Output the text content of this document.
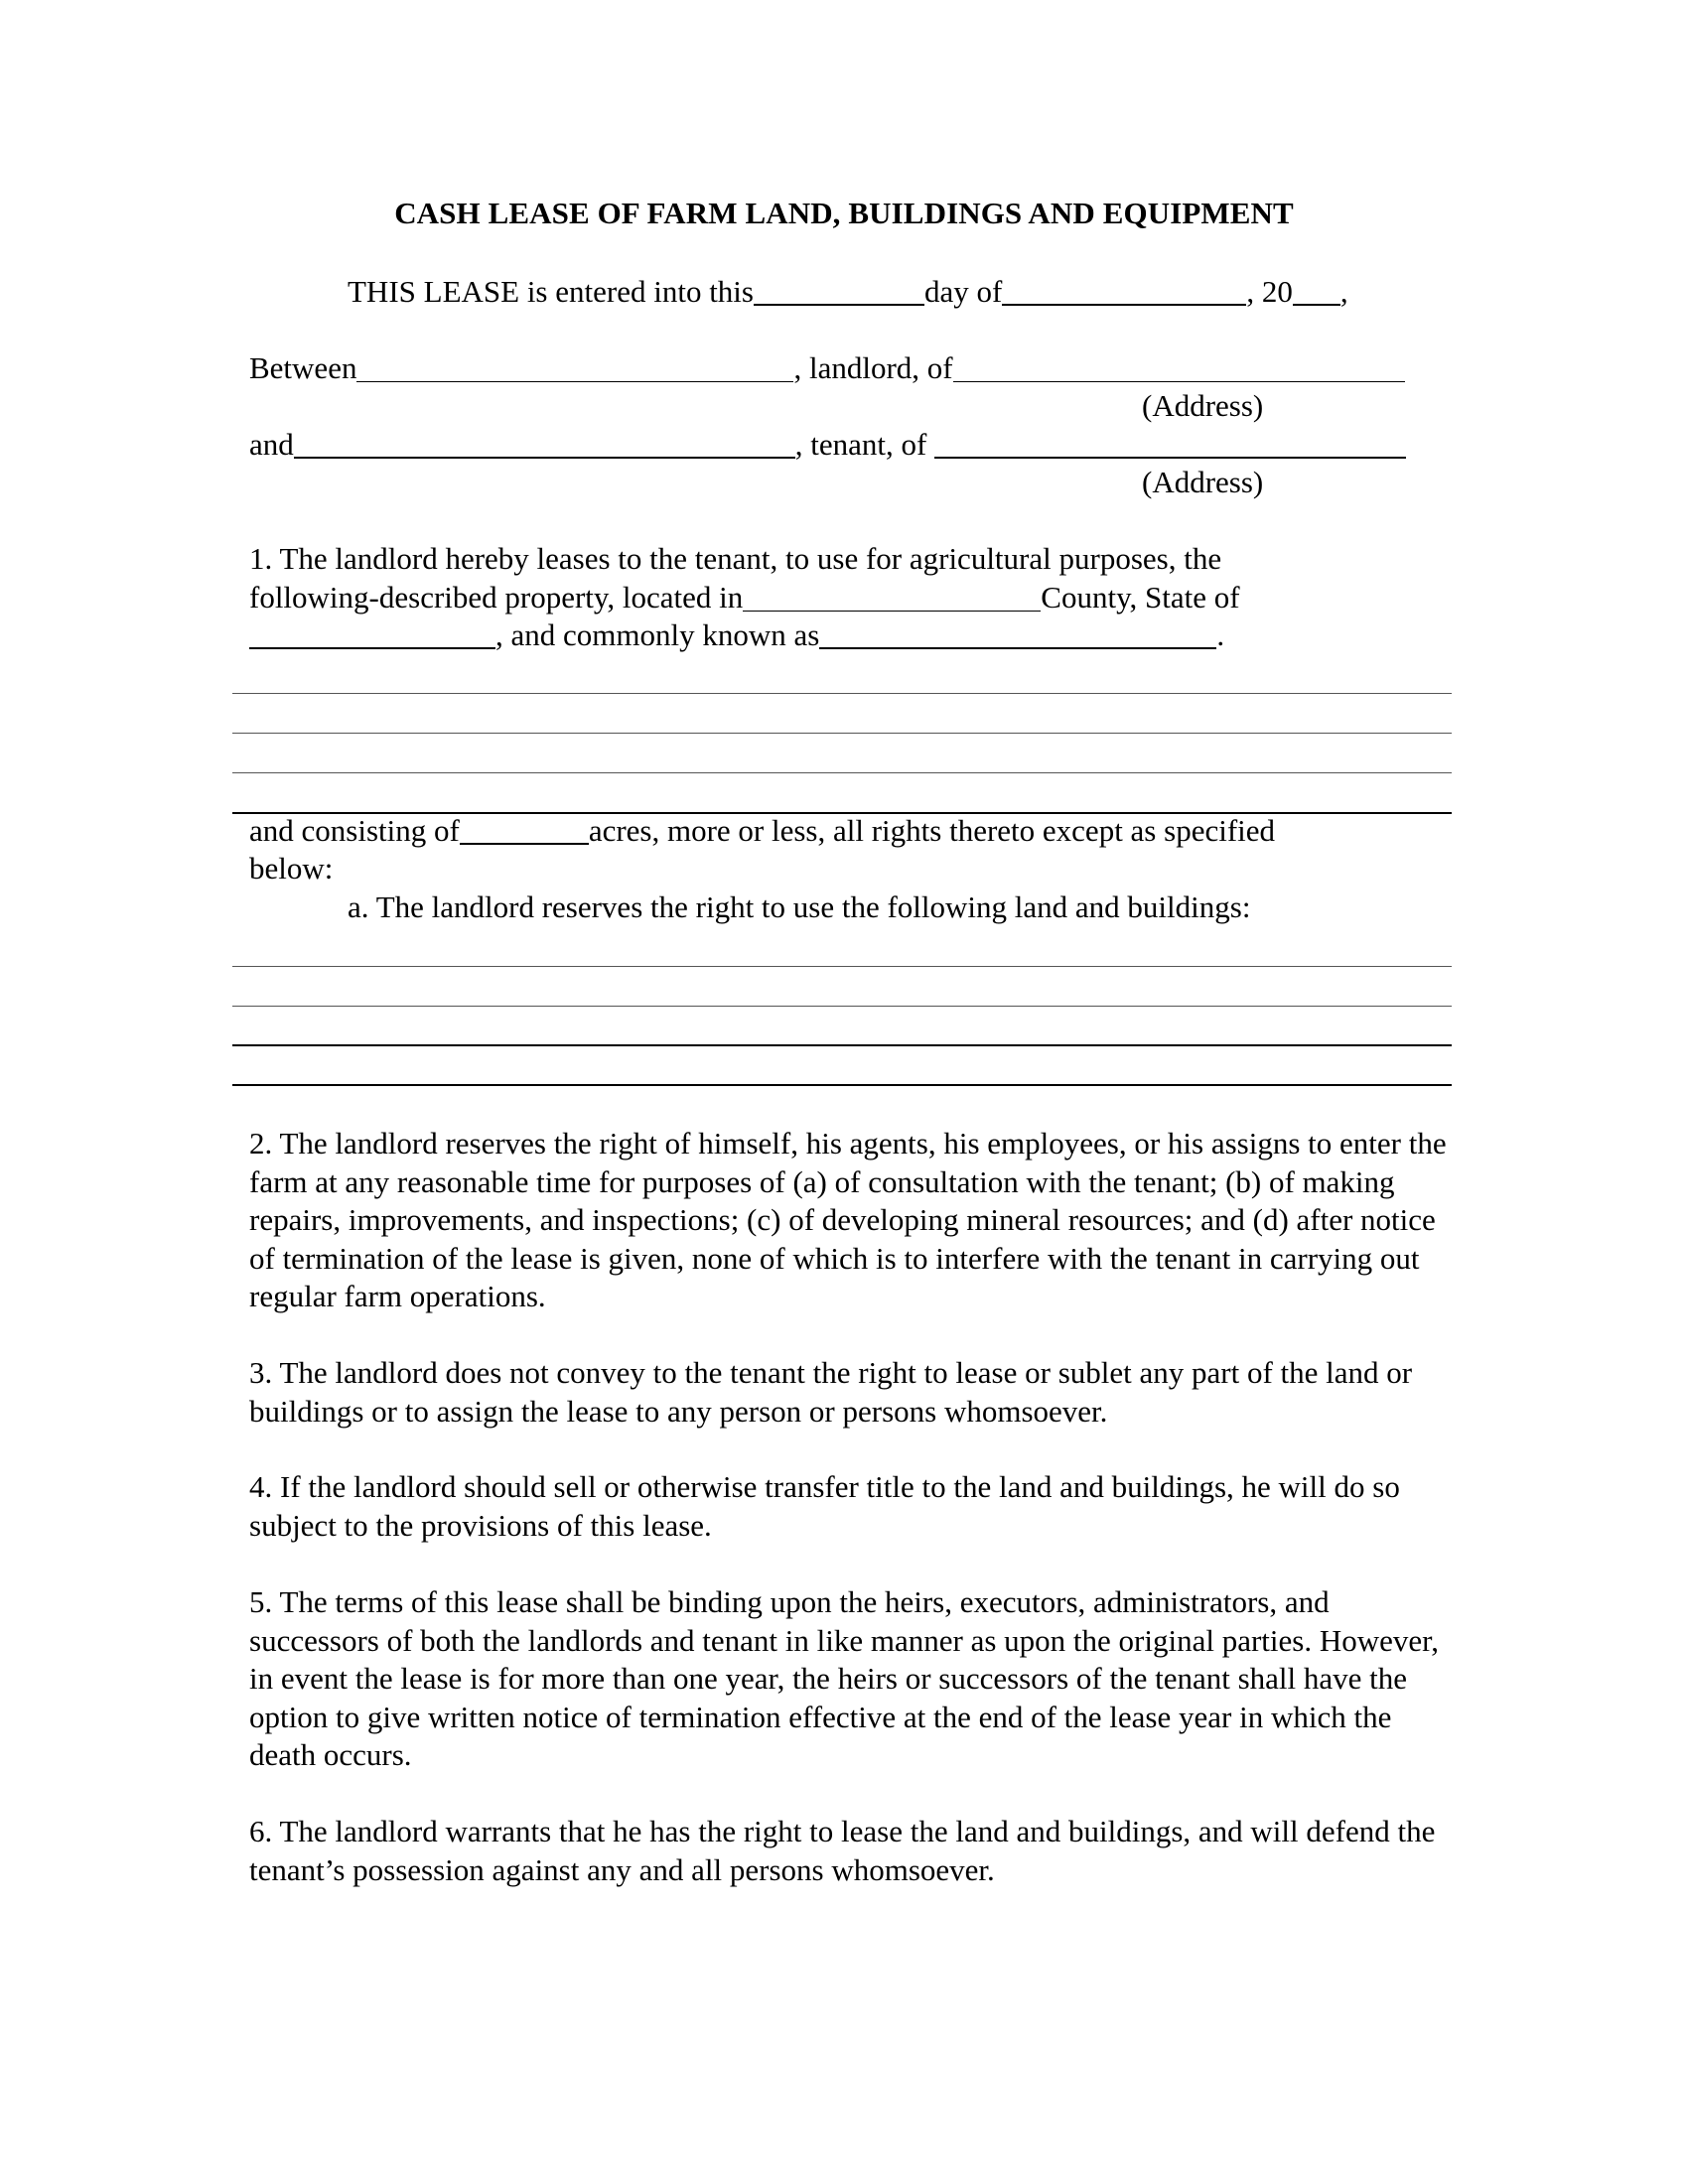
CASH LEASE OF FARM LAND, BUILDINGS AND EQUIPMENT
THIS LEASE is entered into this	day of	, 20 ,
Between	, landlord, of
(Address)
and	, tenant, of
(Address)
1. The landlord hereby leases to the tenant, to use for agricultural purposes, the
following-described property, located in	County, State of
, and commonly known as	.
and consisting of	acres, more or less, all rights thereto except as specified
below:
a. The landlord reserves the right to use the following land and buildings:
2. The landlord reserves the right of himself, his agents, his employees, or his assigns to enter the farm at any reasonable time for purposes of (a) of consultation with the tenant; (b) of making repairs, improvements, and inspections; (c) of developing mineral resources; and (d) after notice of termination of the lease is given, none of which is to interfere with the tenant in carrying out regular farm operations.
3. The landlord does not convey to the tenant the right to lease or sublet any part of the land or buildings or to assign the lease to any person or persons whomsoever.
4. If the landlord should sell or otherwise transfer title to the land and buildings, he will do so subject to the provisions of this lease.
5. The terms of this lease shall be binding upon the heirs, executors, administrators, and successors of both the landlords and tenant in like manner as upon the original parties. However, in event the lease is for more than one year, the heirs or successors of the tenant shall have the option to give written notice of termination effective at the end of the lease year in which the death occurs.
6. The landlord warrants that he has the right to lease the land and buildings, and will defend the tenant’s possession against any and all persons whomsoever.
